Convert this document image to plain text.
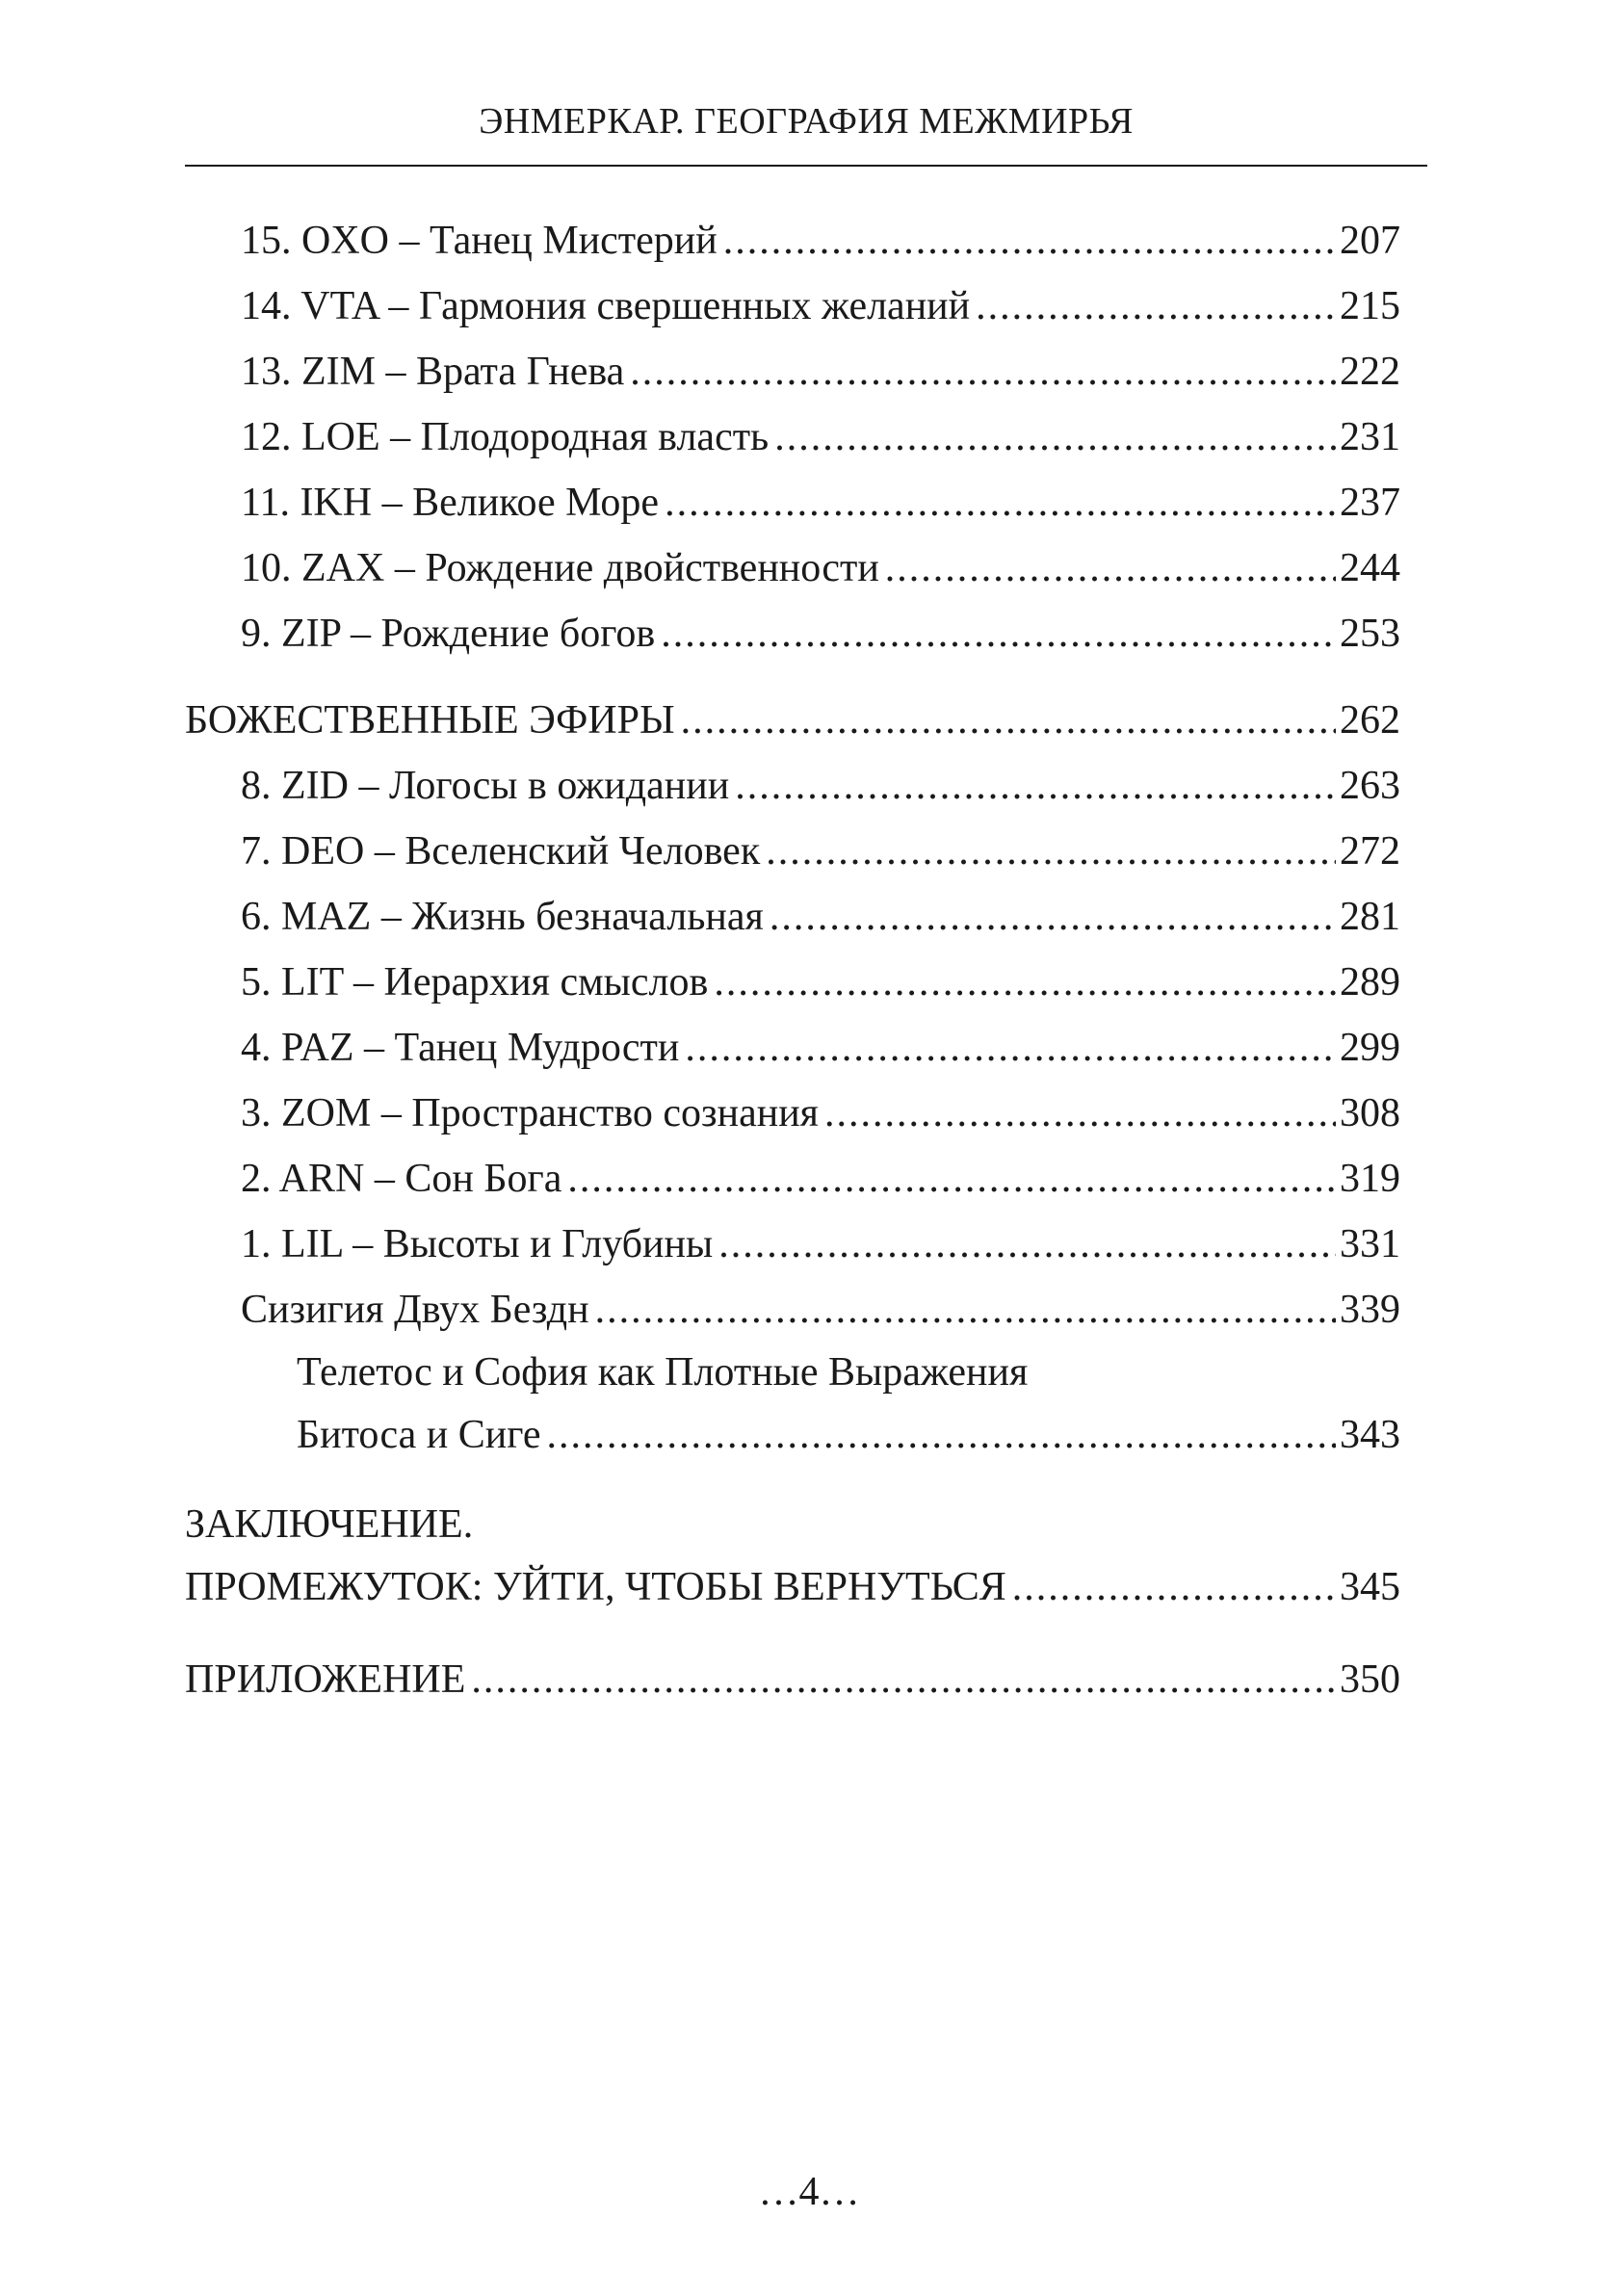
ЭНМЕРКАР. ГЕОГРАФИЯ МЕЖМИРЬЯ
15. OXO – Танец Мистерий .....	207
14. VTA – Гармония свершенных желаний .....	215
13. ZIM – Врата Гнева .....	222
12. LOE – Плодородная власть .....	231
11. IKH – Великое Море .....	237
10. ZAX – Рождение двойственности .....	244
9. ZIP – Рождение богов .....	253
БОЖЕСТВЕННЫЕ ЭФИРЫ .....	262
8. ZID – Логосы в ожидании .....	263
7. DEO – Вселенский Человек .....	272
6. MAZ – Жизнь безначальная .....	281
5. LIT – Иерархия смыслов .....	289
4. PAZ – Танец Мудрости .....	299
3. ZOM – Пространство сознания .....	308
2. ARN – Сон Бога .....	319
1. LIL – Высоты и Глубины .....	331
Сизигия Двух Бездн .....	339
Телетос и София как Плотные Выражения
Битоса и Сиге .....	343
ЗАКЛЮЧЕНИЕ.
ПРОМЕЖУТОК: УЙТИ, ЧТОБЫ ВЕРНУТЬСЯ .....	345
ПРИЛОЖЕНИЕ .....	350
…4…
